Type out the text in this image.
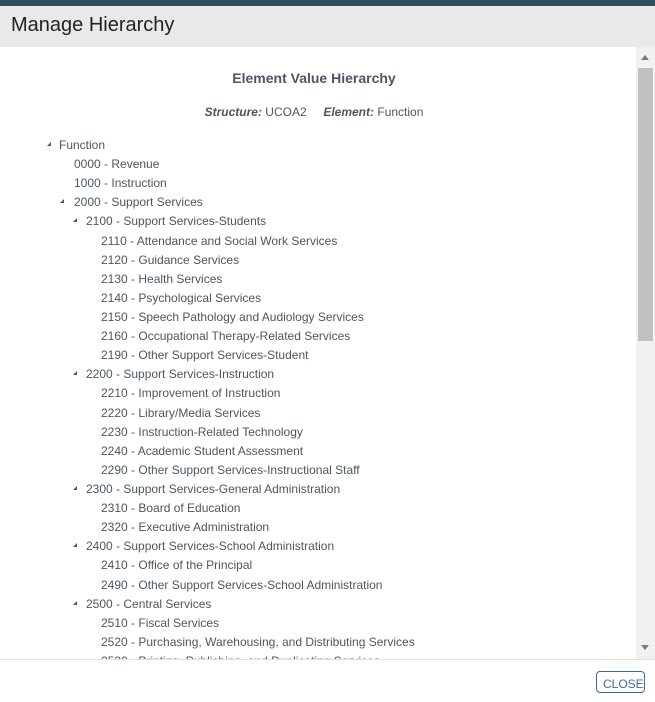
Manage Hierarchy
Element Value Hierarchy
Structure: UCOA2 Element: Function
Function
0000 - Revenue
1000 - Instruction
2000 - Support Services
2100 - Support Services-Students
2110 - Attendance and Social Work Services
2120 - Guidance Services
2130 - Health Services
2140 - Psychological Services
2150 - Speech Pathology and Audiology Services
2160 - Occupational Therapy-Related Services
2190 - Other Support Services-Student
2200 - Support Services-Instruction
2210 - Improvement of Instruction
2220 - Library/Media Services
2230 - Instruction-Related Technology
2240 - Academic Student Assessment
2290 - Other Support Services-Instructional Staff
2300 - Support Services-General Administration
2310 - Board of Education
2320 - Executive Administration
2400 - Support Services-School Administration
2410 - Office of the Principal
2490 - Other Support Services-School Administration
2500 - Central Services
2510 - Fiscal Services
2520 - Purchasing, Warehousing, and Distributing Services
CLOSE
